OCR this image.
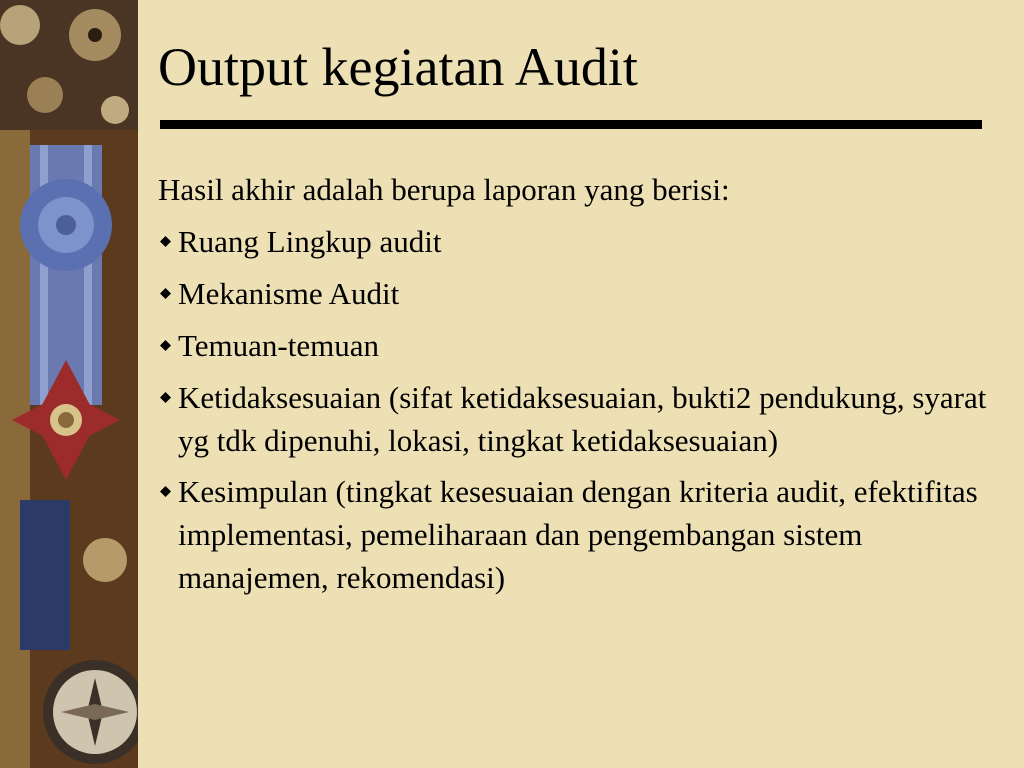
Output kegiatan Audit

Hasil akhir adalah berupa laporan yang berisi:

Ruang Lingkup audit
Mekanisme Audit
Temuan-temuan
Ketidaksesuaian (sifat ketidaksesuaian, bukti2 pendukung, syarat yg tdk dipenuhi, lokasi, tingkat ketidaksesuaian)
Kesimpulan (tingkat kesesuaian dengan kriteria audit, efektifitas implementasi, pemeliharaan dan pengembangan sistem manajemen, rekomendasi)
